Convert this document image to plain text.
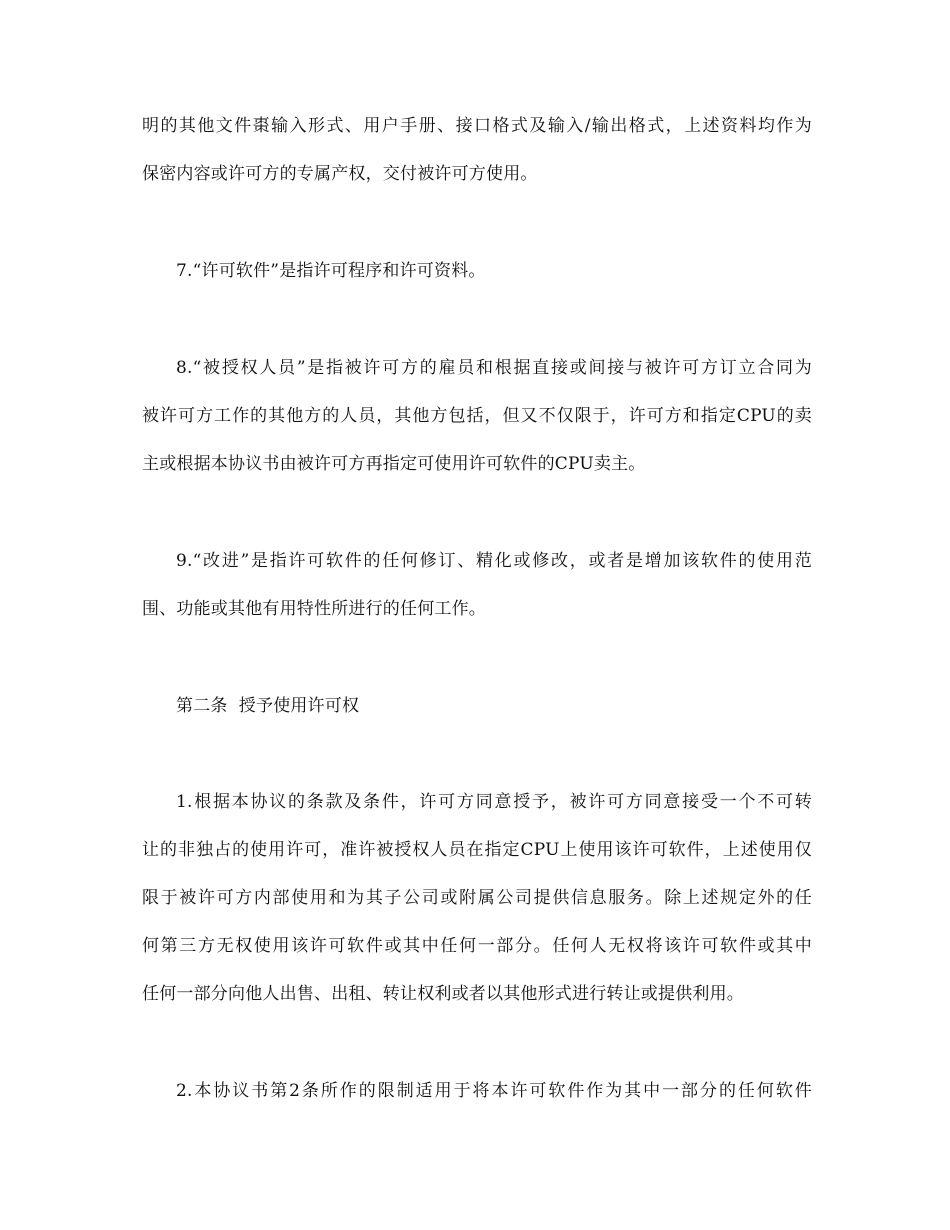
明的其他文件棗输入形式、用户手册、接口格式及输入/输出格式，上述资料均作为
保密内容或许可方的专属产权，交付被许可方使用。
7.“许可软件”是指许可程序和许可资料。
8.“被授权人员”是指被许可方的雇员和根据直接或间接与被许可方订立合同为
被许可方工作的其他方的人员，其他方包括，但又不仅限于，许可方和指定CPU的卖
主或根据本协议书由被许可方再指定可使用许可软件的CPU卖主。
9.“改进”是指许可软件的任何修订、精化或修改，或者是增加该软件的使用范
围、功能或其他有用特性所进行的任何工作。
第二条  授予使用许可权
1.根据本协议的条款及条件，许可方同意授予，被许可方同意接受一个不可转
让的非独占的使用许可，准许被授权人员在指定CPU上使用该许可软件，上述使用仅
限于被许可方内部使用和为其子公司或附属公司提供信息服务。除上述规定外的任
何第三方无权使用该许可软件或其中任何一部分。任何人无权将该许可软件或其中
任何一部分向他人出售、出租、转让权利或者以其他形式进行转让或提供利用。
2.本协议书第2条所作的限制适用于将本许可软件作为其中一部分的任何软件
